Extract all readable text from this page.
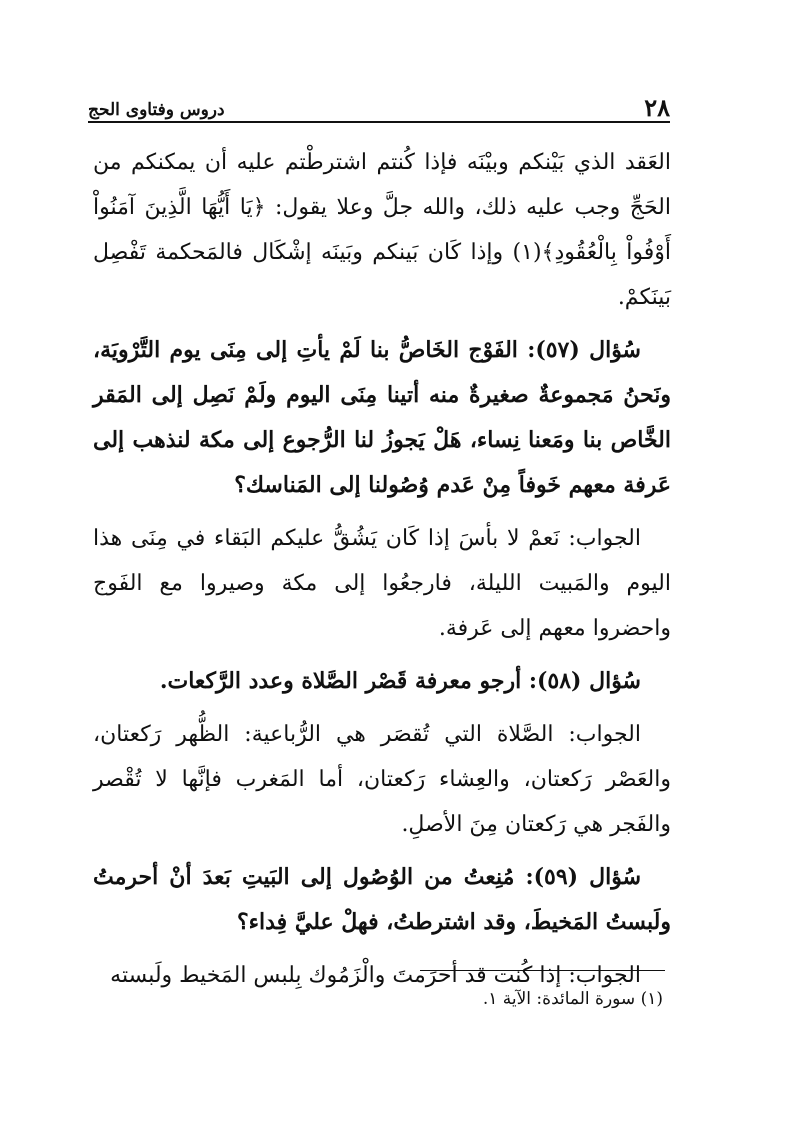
٢٨
دروس وفتاوى الحج

العَقد الذي بَيْنكم وبيْنَه فإذا كُنتم اشترطْتم عليه أن يمكنكم من الحَجِّ وجب عليه ذلك، والله جلَّ وعلا يقول: ﴿يَا أَيُّهَا الَّذِينَ آمَنُواْ أَوْفُواْ بِالْعُقُودِ﴾(١) وإذا كَان بَينكم وبَينَه إشْكَال فالمَحكمة تَفْصِل بَينَكمْ.

سُؤال (٥٧): الفَوْج الخَاصُّ بنا لَمْ يأتِ إلى مِنَى يوم التَّرْويَة، ونَحنُ مَجموعةٌ صغيرةٌ منه أتينا مِنَى اليوم ولَمْ نَصِل إلى المَقر الخَّاص بنا ومَعنا نِساء، هَلْ يَجوزُ لنا الرُّجوع إلى مكة لنذهب إلى عَرفة معهم خَوفاً مِنْ عَدم وُصُولنا إلى المَناسك؟

الجواب: نَعمْ لا بأسَ إذا كَان يَشُقُّ عليكم البَقاء في مِنَى هذا اليوم والمَبيت الليلة، فارجعُوا إلى مكة وصيروا مع الفَوج واحضروا معهم إلى عَرفة.

سُؤال (٥٨): أرجو معرفة قَصْر الصَّلاة وعدد الرَّكعات.

الجواب: الصَّلاة التي تُقصَر هي الرُّباعية: الظُّهر رَكعتان، والعَصْر رَكعتان، والعِشاء رَكعتان، أما المَغرب فإنَّها لا تُقْصر والفَجر هي رَكعتان مِنَ الأصلِ.

سُؤال (٥٩): مُنِعتُ من الوُصُول إلى البَيتِ بَعدَ أنْ أحرمتُ ولَبستُ المَخيطَ، وقد اشترطتُ، فهلْ عليَّ فِداء؟

الجواب: إذا كُنت قد أحرَمتَ والْزَمُوك بِلبس المَخيط ولَبسته

(١) سورة المائدة: الآية ١.
